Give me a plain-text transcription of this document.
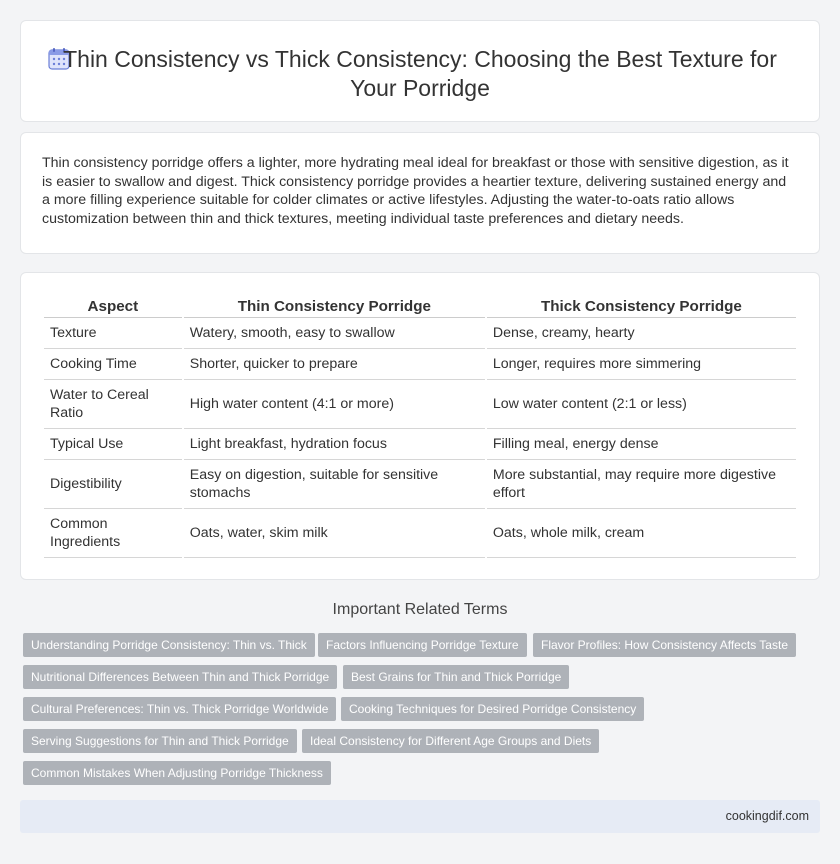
Thin Consistency vs Thick Consistency: Choosing the Best Texture for Your Porridge

Thin consistency porridge offers a lighter, more hydrating meal ideal for breakfast or those with sensitive digestion, as it is easier to swallow and digest. Thick consistency porridge provides a heartier texture, delivering sustained energy and a more filling experience suitable for colder climates or active lifestyles. Adjusting the water-to-oats ratio allows customization between thin and thick textures, meeting individual taste preferences and dietary needs.

Aspect	Thin Consistency Porridge	Thick Consistency Porridge
Texture	Watery, smooth, easy to swallow	Dense, creamy, hearty
Cooking Time	Shorter, quicker to prepare	Longer, requires more simmering
Water to Cereal Ratio	High water content (4:1 or more)	Low water content (2:1 or less)
Typical Use	Light breakfast, hydration focus	Filling meal, energy dense
Digestibility	Easy on digestion, suitable for sensitive stomachs	More substantial, may require more digestive effort
Common Ingredients	Oats, water, skim milk	Oats, whole milk, cream
Important Related Terms
Understanding Porridge Consistency: Thin vs. Thick	Factors Influencing Porridge Texture	Flavor Profiles: How Consistency Affects Taste
Nutritional Differences Between Thin and Thick Porridge	Best Grains for Thin and Thick Porridge
Cultural Preferences: Thin vs. Thick Porridge Worldwide	Cooking Techniques for Desired Porridge Consistency
Serving Suggestions for Thin and Thick Porridge	Ideal Consistency for Different Age Groups and Diets
Common Mistakes When Adjusting Porridge Thickness
cookingdif.com
